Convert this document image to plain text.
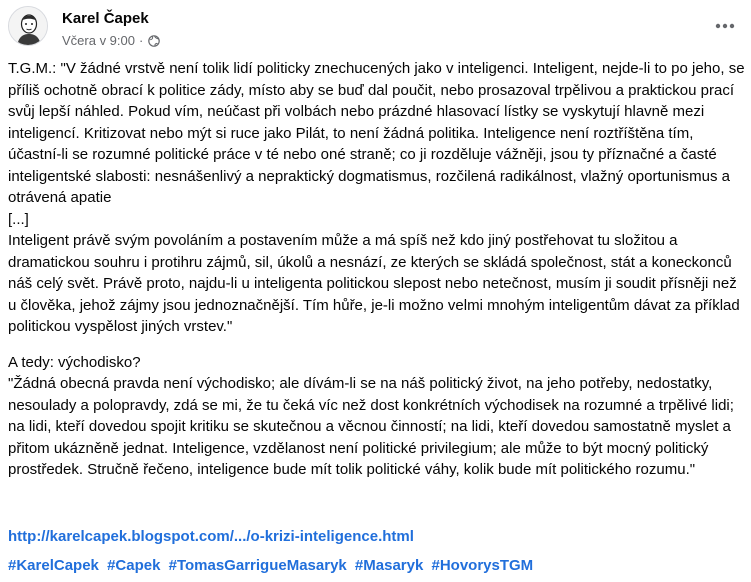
Karel Čapek
Včera v 9:00 ·

T.G.M.: "V žádné vrstvě není tolik lidí politicky znechucených jako v inteligenci. Inteligent, nejde-li to po jeho, se příliš ochotně obrací k politice zády, místo aby se buď dal poučit, nebo prosazoval trpělivou a praktickou prací svůj lepší náhled. Pokud vím, neúčast při volbách nebo prázdné hlasovací lístky se vyskytují hlavně mezi inteligencí. Kritizovat nebo mýt si ruce jako Pilát, to není žádná politika. Inteligence není roztříštěna tím, účastní-li se rozumné politické práce v té nebo oné straně; co ji rozděluje vážněji, jsou ty příznačné a časté inteligentské slabosti: nesnášenlivý a nepraktický dogmatismus, rozčilená radikálnost, vlažný oportunismus a otrávená apatie

[...]

Inteligent právě svým povoláním a postavením může a má spíš než kdo jiný postřehovat tu složitou a dramatickou souhru i protihru zájmů, sil, úkolů a nesnází, ze kterých se skládá společnost, stát a koneckonců náš celý svět. Právě proto, najdu-li u inteligenta politickou slepost nebo netečnost, musím ji soudit přísněji než u člověka, jehož zájmy jsou jednoznačnější. Tím hůře, je-li možno velmi mnohým inteligentům dávat za příklad politickou vyspělost jiných vrstev."

A tedy: východisko?

"Žádná obecná pravda není východisko; ale dívám-li se na náš politický život, na jeho potřeby, nedostatky, nesoulady a polopravdy, zdá se mi, že tu čeká víc než dost konkrétních východisek na rozumné a trpělivé lidi; na lidi, kteří dovedou spojit kritiku se skutečnou a věcnou činností; na lidi, kteří dovedou samostatně myslet a přitom ukázněně jednat. Inteligence, vzdělanost není politické privilegium; ale může to být mocný politický prostředek. Stručně řečeno, inteligence bude mít tolik politické váhy, kolik bude mít politického rozumu."

http://karelcapek.blogspot.com/.../o-krizi-inteligence.html
#KarelCapek #Capek #TomasGarrigueMasaryk #Masaryk #HovorysTGM
